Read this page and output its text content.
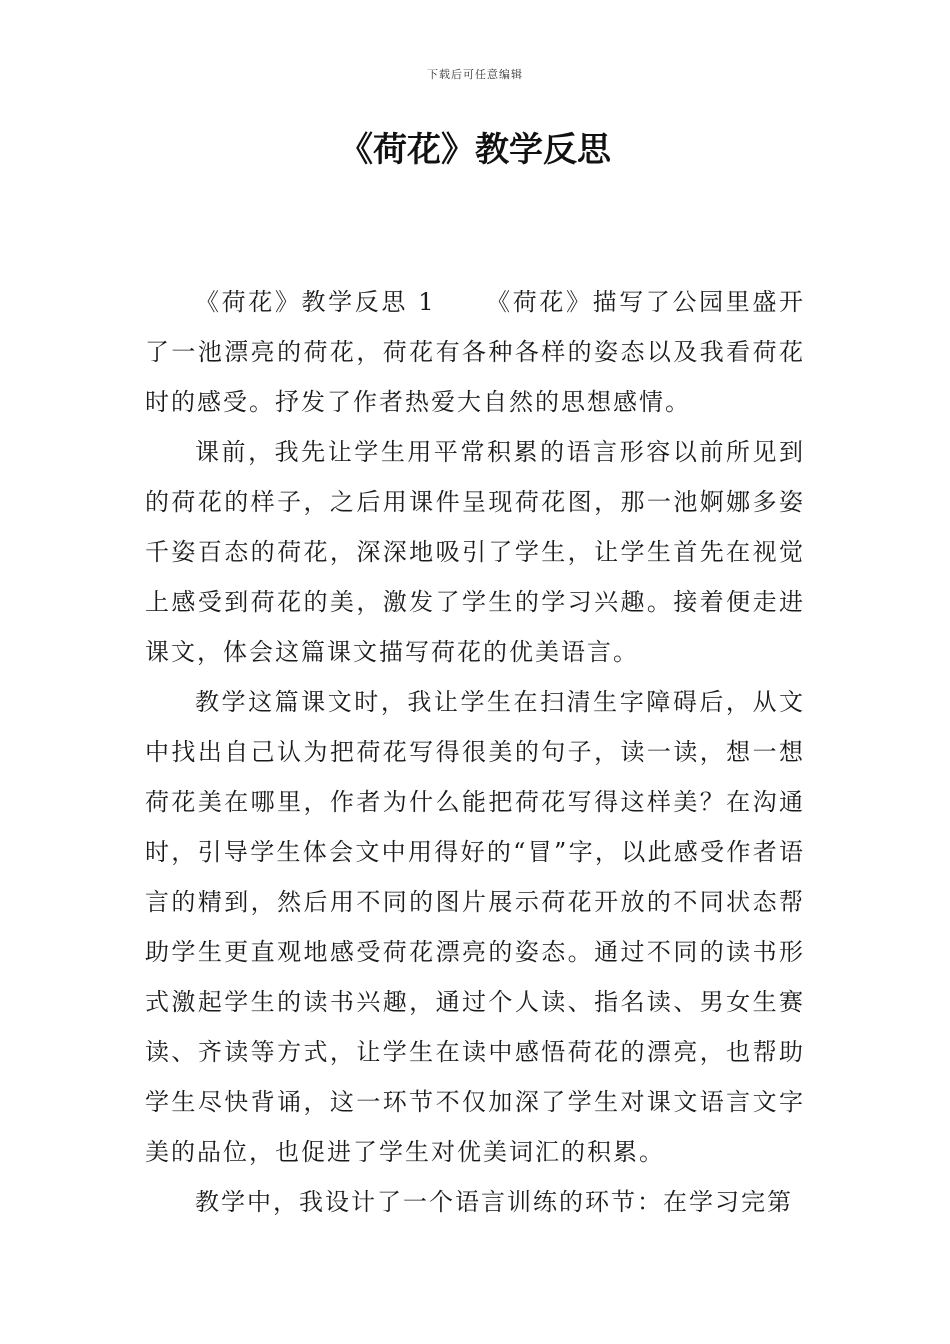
下载后可任意编辑
《荷花》教学反思

《荷花》教学反思 1 《荷花》描写了公园里盛开了一池漂亮的荷花，荷花有各种各样的姿态以及我看荷花时的感受。抒发了作者热爱大自然的思想感情。

课前，我先让学生用平常积累的语言形容以前所见到的荷花的样子，之后用课件呈现荷花图，那一池婀娜多姿千姿百态的荷花，深深地吸引了学生，让学生首先在视觉上感受到荷花的美，激发了学生的学习兴趣。接着便走进课文，体会这篇课文描写荷花的优美语言。

教学这篇课文时，我让学生在扫清生字障碍后，从文中找出自己认为把荷花写得很美的句子，读一读，想一想荷花美在哪里，作者为什么能把荷花写得这样美？在沟通时，引导学生体会文中用得好的“冒”字，以此感受作者语言的精到，然后用不同的图片展示荷花开放的不同状态帮助学生更直观地感受荷花漂亮的姿态。通过不同的读书形式激起学生的读书兴趣，通过个人读、指名读、男女生赛读、齐读等方式，让学生在读中感悟荷花的漂亮，也帮助学生尽快背诵，这一环节不仅加深了学生对课文语言文字美的品位，也促进了学生对优美词汇的积累。

教学中，我设计了一个语言训练的环节：在学习完第
